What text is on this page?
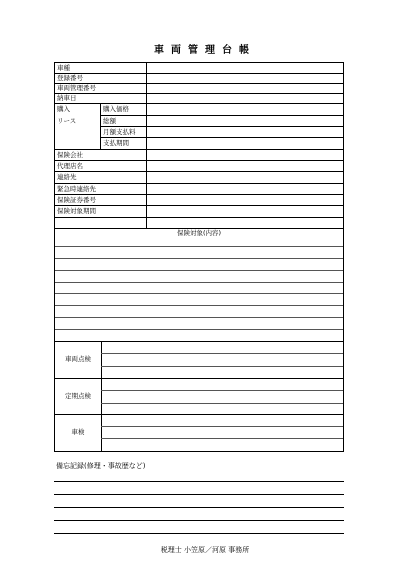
車両管理台帳
車種
登録番号
車両管理番号
納車日
購入
リース
購入価格
総額
月額支払料
支払期間
保険会社
代理店名
連絡先
緊急時連絡先
保険証券番号
保険対象期間
保険対象(内容)
車両点検
定期点検
車検
備忘記録(修理・事故歴など)
税理士 小笠原／河原 事務所
